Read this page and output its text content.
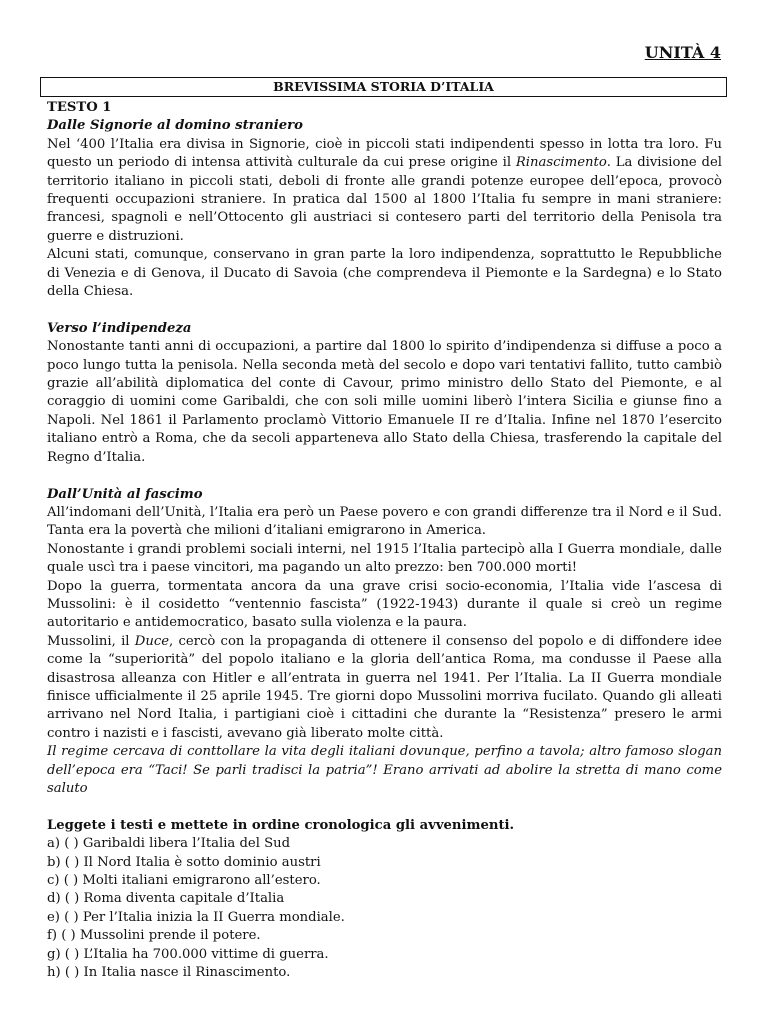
UNITÀ 4
BREVISSIMA STORIA D’ITALIA

TESTO 1

Dalle Signorie al domino straniero

Nel ‘400 l’Italia era divisa in Signorie, cioè in piccoli stati indipendenti spesso in lotta tra loro. Fu questo un periodo di intensa attività culturale da cui prese origine il Rinascimento. La divisione del territorio italiano in piccoli stati, deboli di fronte alle grandi potenze europee dell’epoca, provocò frequenti occupazioni straniere. In pratica dal 1500 al 1800 l’Italia fu sempre in mani straniere: francesi, spagnoli e nell’Ottocento gli austriaci si contesero parti del territorio della Penisola tra guerre e distruzioni.

Alcuni stati, comunque, conservano in gran parte la loro indipendenza, soprattutto le Repubbliche di Venezia e di Genova, il Ducato di Savoia (che comprendeva il Piemonte e la Sardegna) e lo Stato della Chiesa.

Verso l’indipendeza

Nonostante tanti anni di occupazioni, a partire dal 1800 lo spirito d’indipendenza si diffuse a poco a poco lungo tutta la penisola. Nella seconda metà del secolo e dopo vari tentativi fallito, tutto cambiò grazie all’abilità diplomatica del conte di Cavour, primo ministro dello Stato del Piemonte, e al coraggio di uomini come Garibaldi, che con soli mille uomini liberò l’intera Sicilia e giunse fino a Napoli. Nel 1861 il Parlamento proclamò Vittorio Emanuele II re d’Italia. Infine nel 1870 l’esercito italiano entrò a Roma, che da secoli apparteneva allo Stato della Chiesa, trasferendo la capitale del Regno d’Italia.

Dall’Unità al fascimo

All’indomani dell’Unità, l’Italia era però un Paese povero e con grandi differenze tra il Nord e il Sud. Tanta era la povertà che milioni d’italiani emigrarono in America.

Nonostante i grandi problemi sociali interni, nel 1915 l’Italia partecipò alla I Guerra mondiale, dalle quale uscì tra i paese vincitori, ma pagando un alto prezzo: ben 700.000 morti!

Dopo la guerra, tormentata ancora da una grave crisi socio-economia, l’Italia vide l’ascesa di Mussolini: è il cosidetto “ventennio fascista” (1922-1943) durante il quale si creò un regime autoritario e antidemocratico, basato sulla violenza e la paura.

Mussolini, il Duce, cercò con la propaganda di ottenere il consenso del popolo e di diffondere idee come la “superiorità” del popolo italiano e la gloria dell’antica Roma, ma condusse il Paese alla disastrosa alleanza con Hitler e all’entrata in guerra nel 1941. Per l’Italia. La II Guerra mondiale finisce ufficialmente il 25 aprile 1945. Tre giorni dopo Mussolini morriva fucilato. Quando gli alleati arrivano nel Nord Italia, i partigiani cioè i cittadini che durante la “Resistenza” presero le armi contro i nazisti e i fascisti, avevano già liberato molte città.

Il regime cercava di conttollare la vita degli italiani dovunque, perfino a tavola; altro famoso slogan dell’epoca era “Taci! Se parli tradisci la patria”! Erano arrivati ad abolire la stretta di mano come saluto

Leggete i testi e mettete in ordine cronologica gli avvenimenti.

a) ( ) Garibaldi libera l’Italia del Sud

b) ( ) Il Nord Italia è sotto dominio austri

c) ( ) Molti italiani emigrarono all’estero.

d) ( ) Roma diventa capitale d’Italia

e) ( ) Per l’Italia inizia la II Guerra mondiale.

f) ( ) Mussolini prende il potere.

g) ( ) L’Italia ha 700.000 vittime di guerra.

h) ( ) In Italia nasce il Rinascimento.
